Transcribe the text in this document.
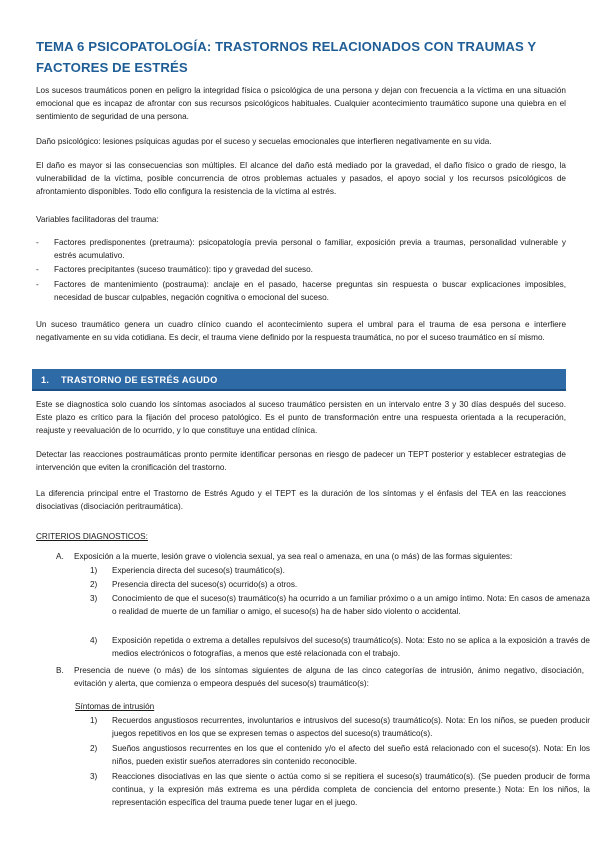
TEMA 6 PSICOPATOLOGÍA: TRASTORNOS RELACIONADOS CON TRAUMAS Y FACTORES DE ESTRÉS

Los sucesos traumáticos ponen en peligro la integridad física o psicológica de una persona y dejan con frecuencia a la víctima en una situación emocional que es incapaz de afrontar con sus recursos psicológicos habituales. Cualquier acontecimiento traumático supone una quiebra en el sentimiento de seguridad de una persona.

Daño psicológico: lesiones psíquicas agudas por el suceso y secuelas emocionales que interfieren negativamente en su vida.

El daño es mayor si las consecuencias son múltiples. El alcance del daño está mediado por la gravedad, el daño físico o grado de riesgo, la vulnerabilidad de la víctima, posible concurrencia de otros problemas actuales y pasados, el apoyo social y los recursos psicológicos de afrontamiento disponibles. Todo ello configura la resistencia de la víctima al estrés.

Variables facilitadoras del trauma:

- Factores predisponentes (pretrauma): psicopatología previa personal o familiar, exposición previa a traumas, personalidad vulnerable y estrés acumulativo.
- Factores precipitantes (suceso traumático): tipo y gravedad del suceso.
- Factores de mantenimiento (postrauma): anclaje en el pasado, hacerse preguntas sin respuesta o buscar explicaciones imposibles, necesidad de buscar culpables, negación cognitiva o emocional del suceso.

Un suceso traumático genera un cuadro clínico cuando el acontecimiento supera el umbral para el trauma de esa persona e interfiere negativamente en su vida cotidiana. Es decir, el trauma viene definido por la respuesta traumática, no por el suceso traumático en sí mismo.

1. TRASTORNO DE ESTRÉS AGUDO

Este se diagnostica solo cuando los síntomas asociados al suceso traumático persisten en un intervalo entre 3 y 30 días después del suceso. Este plazo es crítico para la fijación del proceso patológico. Es el punto de transformación entre una respuesta orientada a la recuperación, reajuste y reevaluación de lo ocurrido, y lo que constituye una entidad clínica.

Detectar las reacciones postraumáticas pronto permite identificar personas en riesgo de padecer un TEPT posterior y establecer estrategias de intervención que eviten la cronificación del trastorno.

La diferencia principal entre el Trastorno de Estrés Agudo y el TEPT es la duración de los síntomas y el énfasis del TEA en las reacciones disociativas (disociación peritraumática).

CRITERIOS DIAGNOSTICOS:

A. Exposición a la muerte, lesión grave o violencia sexual, ya sea real o amenaza, en una (o más) de las formas siguientes:

1) Experiencia directa del suceso(s) traumático(s).

2) Presencia directa del suceso(s) ocurrido(s) a otros.

3) Conocimiento de que el suceso(s) traumático(s) ha ocurrido a un familiar próximo o a un amigo íntimo. Nota: En casos de amenaza o realidad de muerte de un familiar o amigo, el suceso(s) ha de haber sido violento o accidental.

4) Exposición repetida o extrema a detalles repulsivos del suceso(s) traumático(s). Nota: Esto no se aplica a la exposición a través de medios electrónicos o fotografías, a menos que esté relacionada con el trabajo.

B. Presencia de nueve (o más) de los síntomas siguientes de alguna de las cinco categorías de intrusión, ánimo negativo, disociación, evitación y alerta, que comienza o empeora después del suceso(s) traumático(s):

Síntomas de intrusión

1) Recuerdos angustiosos recurrentes, involuntarios e intrusivos del suceso(s) traumático(s). Nota: En los niños, se pueden producir juegos repetitivos en los que se expresen temas o aspectos del suceso(s) traumático(s).

2) Sueños angustiosos recurrentes en los que el contenido y/o el afecto del sueño está relacionado con el suceso(s). Nota: En los niños, pueden existir sueños aterradores sin contenido reconocible.

3) Reacciones disociativas en las que siente o actúa como si se repitiera el suceso(s) traumático(s). (Se pueden producir de forma continua, y la expresión más extrema es una pérdida completa de conciencia del entorno presente.) Nota: En los niños, la representación específica del trauma puede tener lugar en el juego.
